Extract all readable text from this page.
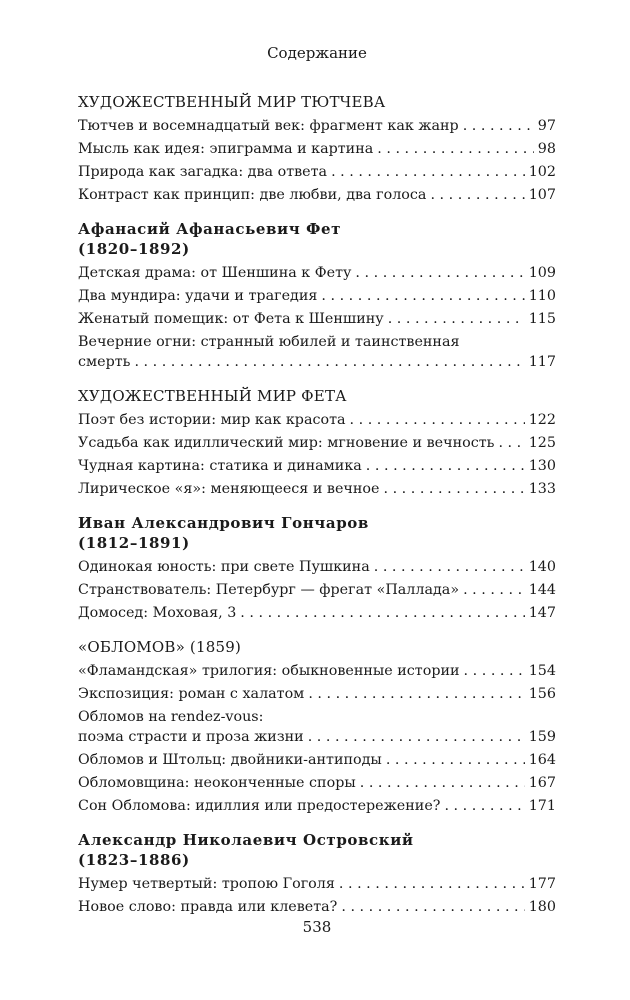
Содержание
ХУДОЖЕСТВЕННЫЙ МИР ТЮТЧЕВА
Тютчев и восемнадцатый век: фрагмент как жанр . . .	97
Мысль как идея: эпиграмма и картина . . .	98
Природа как загадка: два ответа . . .	102
Контраст как принцип: две любви, два голоса . . .	107
Афанасий Афанасьевич Фет
(1820–1892)
Детская драма: от Шеншина к Фету . . .	109
Два мундира: удачи и трагедия . . .	110
Женатый помещик: от Фета к Шеншину . . .	115
Вечерние огни: странный юбилей и таинственная
смерть . . .	117
ХУДОЖЕСТВЕННЫЙ МИР ФЕТА
Поэт без истории: мир как красота . . .	122
Усадьба как идиллический мир: мгновение и вечность . . . 125
Чудная картина: статика и динамика . . .	130
Лирическое «я»: меняющееся и вечное . . .	133
Иван Александрович Гончаров
(1812–1891)
Одинокая юность: при свете Пушкина . . .	140
Странствователь: Петербург — фрегат «Паллада» . . .	144
Домосед: Моховая, 3 . . .	147
«ОБЛОМОВ» (1859)
«Фламандская» трилогия: обыкновенные истории . . .	154
Экспозиция: роман с халатом . . .	156
Обломов на rendez-vous:
поэма страсти и проза жизни . . .	159
Обломов и Штольц: двойники-антиподы . . .	164
Обломовщина: неоконченные споры . . .	167
Сон Обломова: идиллия или предостережение? . . .	171
Александр Николаевич Островский
(1823–1886)
Нумер четвертый: тропою Гоголя . . .	177
Новое слово: правда или клевета? . . .	180
538
